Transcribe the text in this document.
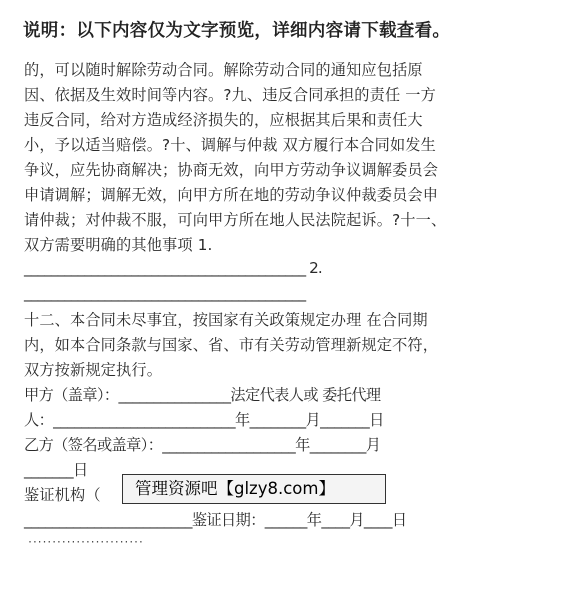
说明：以下内容仅为文字预览，详细内容请下载查看。
的，可以随时解除劳动合同。解除劳动合同的通知应包括原
因、依据及生效时间等内容。?九、违反合同承担的责任 一方
违反合同，给对方造成经济损失的，应根据其后果和责任大
小，予以适当赔偿。?十、调解与仲裁 双方履行本合同如发生
争议，应先协商解决；协商无效，向甲方劳动争议调解委员会
申请调解；调解无效，向甲方所在地的劳动争议仲裁委员会申
请仲裁；对仲裁不服，可向甲方所在地人民法院起诉。?十一、
双方需要明确的其他事项 1.
__________________________________________ 2.
__________________________________________
十二、本合同未尽事宜，按国家有关政策规定办理 在合同期
内，如本合同条款与国家、省、市有关劳动管理新规定不符，
双方按新规定执行。
甲方（盖章）：________________法定代表人或 委托代理
人：__________________________年________月_______日
乙方（签名或盖章）：___________________年________月
_______日
鉴证机构（
________________________鉴证日期：______年____月____日
管理资源吧【glzy8.com】
························
